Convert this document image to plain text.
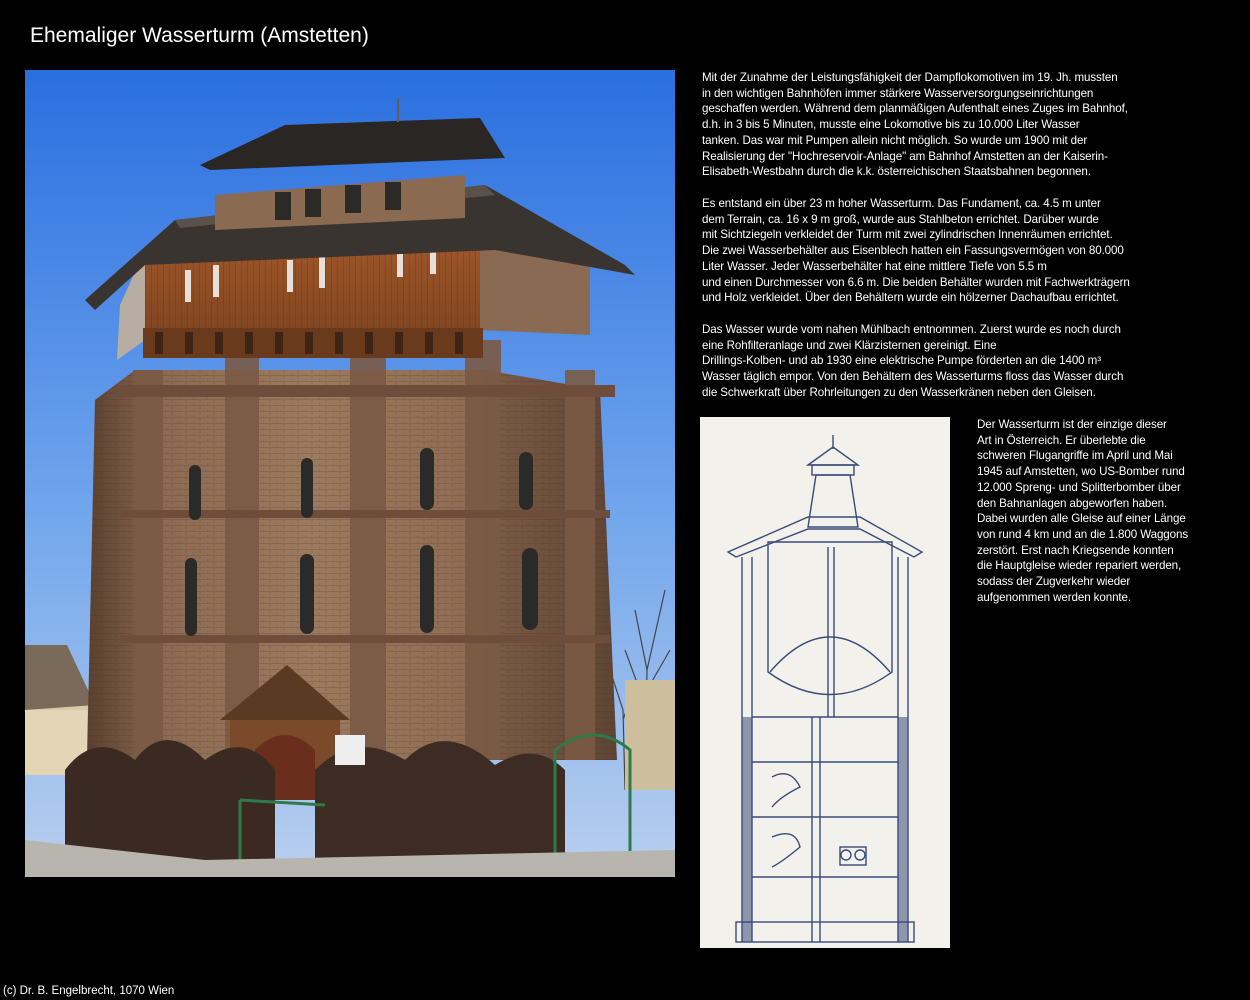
Ehemaliger Wasserturm (Amstetten)
Mit der Zunahme der Leistungsfähigkeit der Dampflokomotiven im 19. Jh. mussten
in den wichtigen Bahnhöfen immer stärkere Wasserversorgungseinrichtungen
geschaffen werden. Während dem planmäßigen Aufenthalt eines Zuges im Bahnhof,
d.h. in 3 bis 5 Minuten, musste eine Lokomotive bis zu 10.000 Liter Wasser
tanken. Das war mit Pumpen allein nicht möglich. So wurde um 1900 mit der
Realisierung der "Hochreservoir-Anlage" am Bahnhof Amstetten an der Kaiserin-
Elisabeth-Westbahn durch die k.k. österreichischen Staatsbahnen begonnen.
Es entstand ein über 23 m hoher Wasserturm. Das Fundament, ca. 4.5 m unter
dem Terrain, ca. 16 x 9 m groß, wurde aus Stahlbeton errichtet. Darüber wurde
mit Sichtziegeln verkleidet der Turm mit zwei zylindrischen Innenräumen errichtet.
Die zwei Wasserbehälter aus Eisenblech hatten ein Fassungsvermögen von 80.000
Liter Wasser. Jeder Wasserbehälter hat eine mittlere Tiefe von 5.5 m
und einen Durchmesser von 6.6 m. Die beiden Behälter wurden mit Fachwerkträgern
und Holz verkleidet. Über den Behältern wurde ein hölzerner Dachaufbau errichtet.
Das Wasser wurde vom nahen Mühlbach entnommen. Zuerst wurde es noch durch
eine Rohfilteranlage und zwei Klärzisternen gereinigt. Eine
Drillings-Kolben- und ab 1930 eine elektrische Pumpe förderten an die 1400 m³
Wasser täglich empor. Von den Behältern des Wasserturms floss das Wasser durch
die Schwerkraft über Rohrleitungen zu den Wasserkränen neben den Gleisen.
Der Wasserturm ist der einzige dieser
Art in Österreich. Er überlebte die
schweren Flugangriffe im April und Mai
1945 auf Amstetten, wo US-Bomber rund
12.000 Spreng- und Splitterbomber über
den Bahnanlagen abgeworfen haben.
Dabei wurden alle Gleise auf einer Länge
von rund 4 km und an die 1.800 Waggons
zerstört. Erst nach Kriegsende konnten
die Hauptgleise wieder repariert werden,
sodass der Zugverkehr wieder
aufgenommen werden konnte.
(c) Dr. B. Engelbrecht, 1070 Wien
